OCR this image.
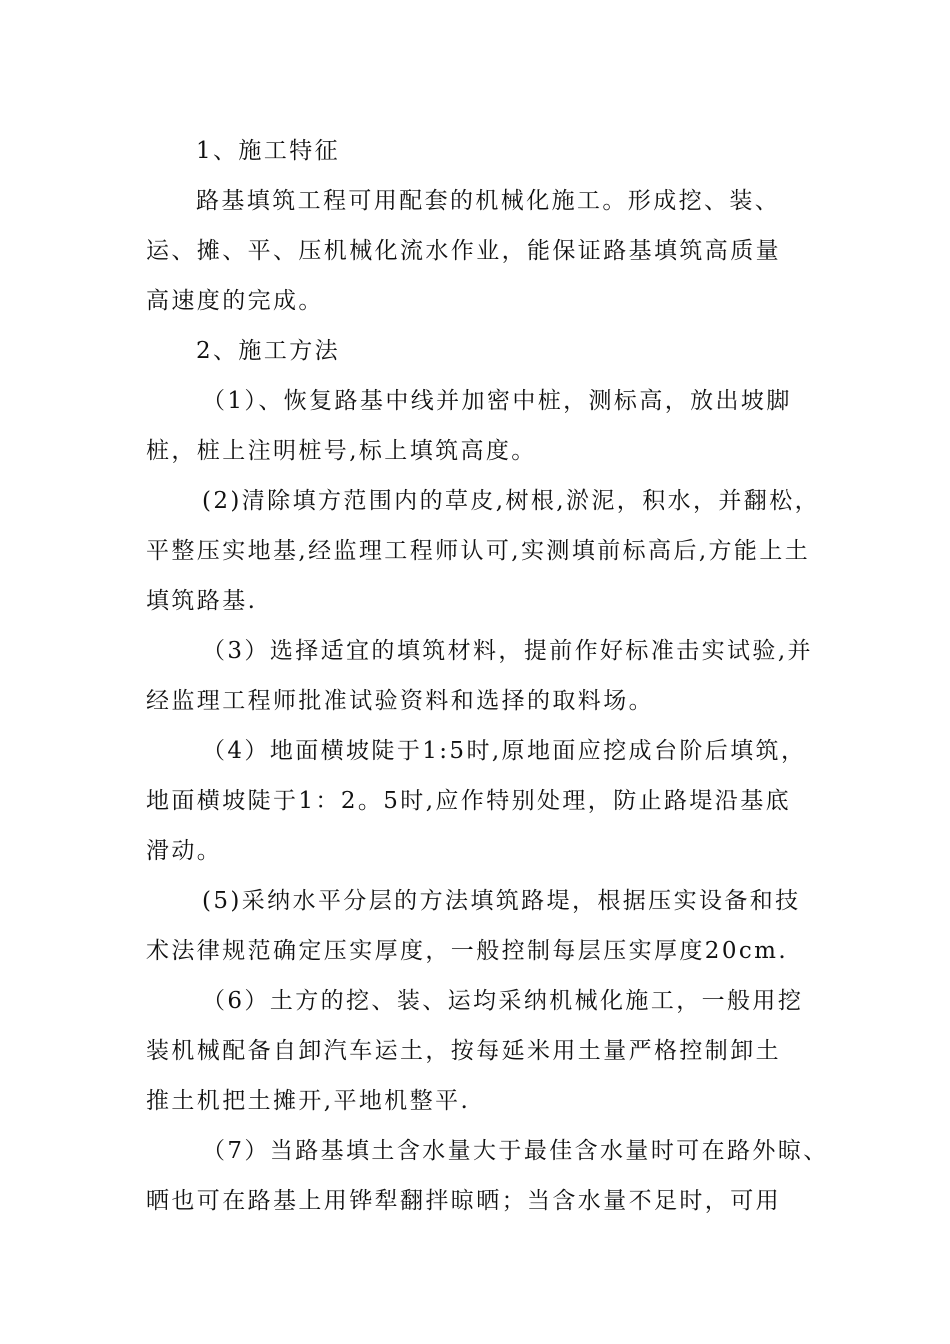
1、施工特征
路基填筑工程可用配套的机械化施工。形成挖、装、
运、摊、平、压机械化流水作业，能保证路基填筑高质量
高速度的完成。
2、施工方法
（1）、恢复路基中线并加密中桩，测标高，放出坡脚
桩，桩上注明桩号,标上填筑高度。
(2)清除填方范围内的草皮,树根,淤泥，积水，并翻松，
平整压实地基,经监理工程师认可,实测填前标高后,方能上土
填筑路基.
（3）选择适宜的填筑材料，提前作好标准击实试验,并
经监理工程师批准试验资料和选择的取料场。
（4）地面横坡陡于1:5时,原地面应挖成台阶后填筑，
地面横坡陡于1：2。5时,应作特别处理，防止路堤沿基底
滑动。
(5)采纳水平分层的方法填筑路堤，根据压实设备和技
术法律规范确定压实厚度，一般控制每层压实厚度20cm.
（6）土方的挖、装、运均采纳机械化施工，一般用挖
装机械配备自卸汽车运土，按每延米用土量严格控制卸土
推土机把土摊开,平地机整平.
（7）当路基填土含水量大于最佳含水量时可在路外晾、
晒也可在路基上用铧犁翻拌晾晒；当含水量不足时，可用
